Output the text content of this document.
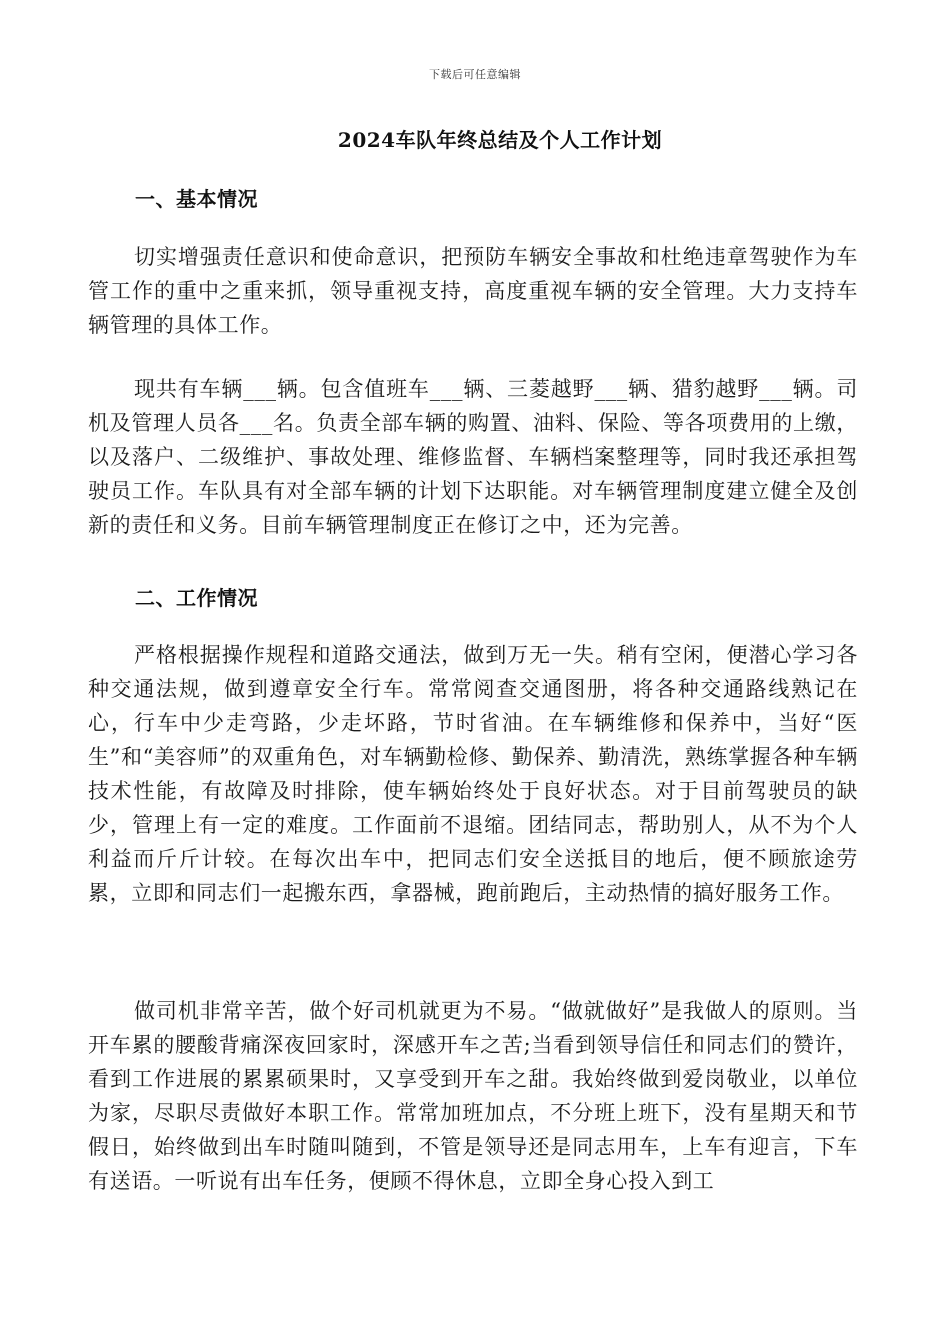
下载后可任意编辑
2024车队年终总结及个人工作计划
一、基本情况
切实增强责任意识和使命意识，把预防车辆安全事故和杜绝违章驾驶作为车管工作的重中之重来抓，领导重视支持，高度重视车辆的安全管理。大力支持车辆管理的具体工作。
现共有车辆___辆。包含值班车___辆、三菱越野___辆、猎豹越野___辆。司机及管理人员各___名。负责全部车辆的购置、油料、保险、等各项费用的上缴，以及落户、二级维护、事故处理、维修监督、车辆档案整理等，同时我还承担驾驶员工作。车队具有对全部车辆的计划下达职能。对车辆管理制度建立健全及创新的责任和义务。目前车辆管理制度正在修订之中，还为完善。
二、工作情况
严格根据操作规程和道路交通法，做到万无一失。稍有空闲，便潜心学习各种交通法规，做到遵章安全行车。常常阅查交通图册，将各种交通路线熟记在心，行车中少走弯路，少走坏路，节时省油。在车辆维修和保养中，当好“医生”和“美容师”的双重角色，对车辆勤检修、勤保养、勤清洗，熟练掌握各种车辆技术性能，有故障及时排除，使车辆始终处于良好状态。对于目前驾驶员的缺少，管理上有一定的难度。工作面前不退缩。团结同志，帮助别人，从不为个人利益而斤斤计较。在每次出车中，把同志们安全送抵目的地后，便不顾旅途劳累，立即和同志们一起搬东西，拿器械，跑前跑后，主动热情的搞好服务工作。
做司机非常辛苦，做个好司机就更为不易。“做就做好”是我做人的原则。当开车累的腰酸背痛深夜回家时，深感开车之苦;当看到领导信任和同志们的赞许，看到工作进展的累累硕果时，又享受到开车之甜。我始终做到爱岗敬业，以单位为家，尽职尽责做好本职工作。常常加班加点，不分班上班下，没有星期天和节假日，始终做到出车时随叫随到，不管是领导还是同志用车，上车有迎言，下车有送语。一听说有出车任务，便顾不得休息，立即全身心投入到工
